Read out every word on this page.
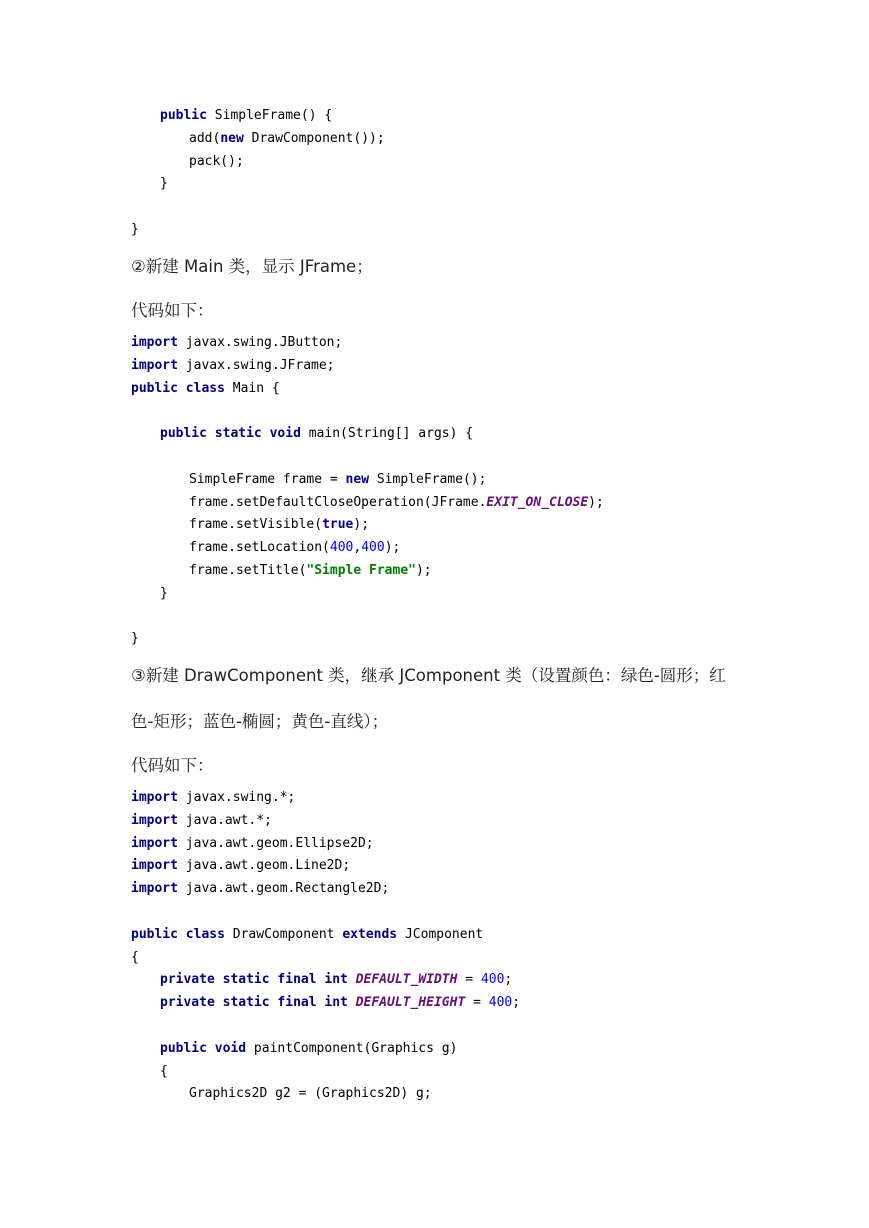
public SimpleFrame() {
add(new DrawComponent());
pack();
}
}

②新建 Main 类，显示 JFrame；

代码如下：

import javax.swing.JButton;
import javax.swing.JFrame;
public class Main {
public static void main(String[] args) {
SimpleFrame frame = new SimpleFrame();
frame.setDefaultCloseOperation(JFrame.EXIT_ON_CLOSE);
frame.setVisible(true);
frame.setLocation(400,400);
frame.setTitle("Simple Frame");
}
}

③新建 DrawComponent 类，继承 JComponent 类（设置颜色：绿色-圆形；红

色-矩形；蓝色-椭圆；黄色-直线）；

代码如下：

import javax.swing.*;
import java.awt.*;
import java.awt.geom.Ellipse2D;
import java.awt.geom.Line2D;
import java.awt.geom.Rectangle2D;
public class DrawComponent extends JComponent
{
private static final int DEFAULT_WIDTH = 400;
private static final int DEFAULT_HEIGHT = 400;
public void paintComponent(Graphics g)
{
Graphics2D g2 = (Graphics2D) g;
